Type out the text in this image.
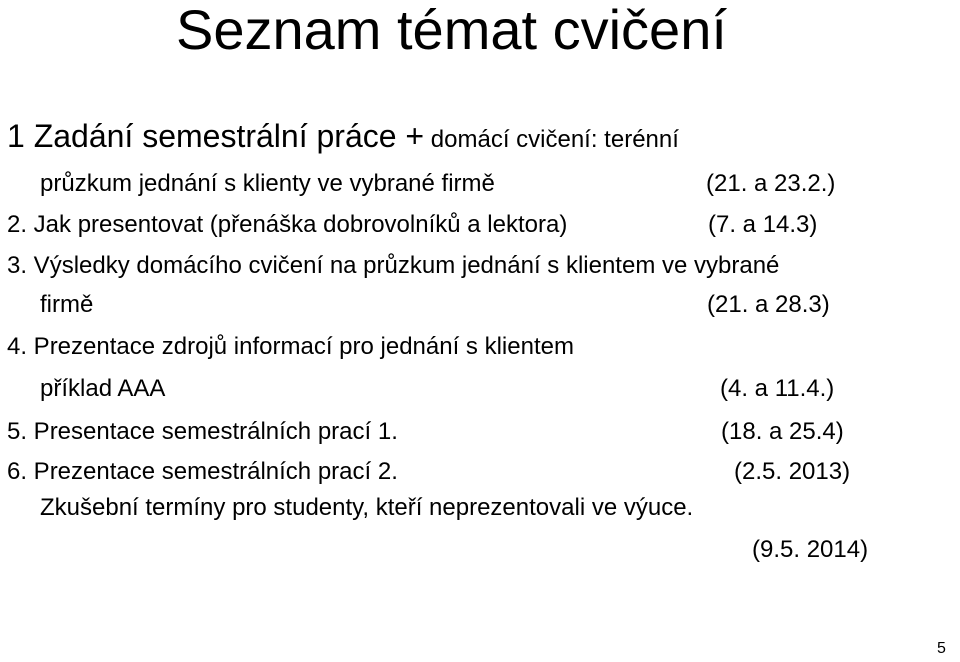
Seznam témat cvičení
1 Zadání semestrální práce + domácí cvičení: terénní
průzkum jednání s klienty ve vybrané firmě	(21. a 23.2.)
2. Jak presentovat (přenáška dobrovolníků a lektora)	(7. a 14.3)
3. Výsledky domácího cvičení na průzkum jednání s klientem ve vybrané
firmě	(21. a 28.3)
4. Prezentace zdrojů informací pro jednání s klientem
příklad AAA	(4. a 11.4.)
5. Presentace semestrálních prací 1.	(18. a 25.4)
6. Prezentace semestrálních prací 2.	(2.5. 2013)
Zkušební termíny pro studenty, kteří neprezentovali ve výuce.
(9.5. 2014)
5
